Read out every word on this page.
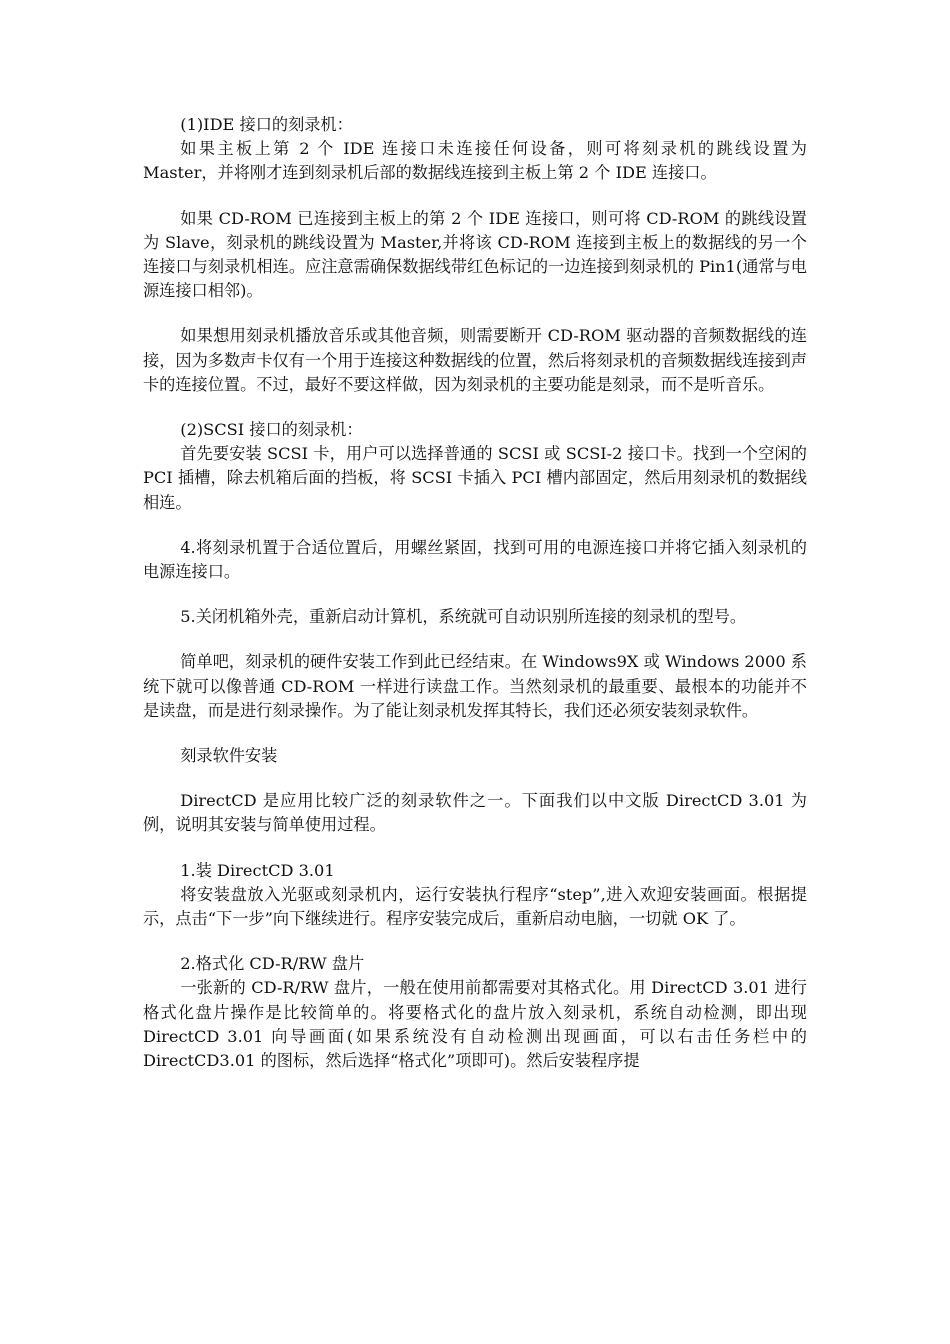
(1)IDE 接口的刻录机：

如果主板上第 2 个 IDE 连接口未连接任何设备，则可将刻录机的跳线设置为 Master，并将刚才连到刻录机后部的数据线连接到主板上第 2 个 IDE 连接口。

如果 CD-ROM 已连接到主板上的第 2 个 IDE 连接口，则可将 CD-ROM 的跳线设置为 Slave，刻录机的跳线设置为 Master,并将该 CD-ROM 连接到主板上的数据线的另一个连接口与刻录机相连。应注意需确保数据线带红色标记的一边连接到刻录机的 Pin1(通常与电源连接口相邻)。

如果想用刻录机播放音乐或其他音频，则需要断开 CD-ROM 驱动器的音频数据线的连接，因为多数声卡仅有一个用于连接这种数据线的位置，然后将刻录机的音频数据线连接到声卡的连接位置。不过，最好不要这样做，因为刻录机的主要功能是刻录，而不是听音乐。

(2)SCSI 接口的刻录机：

首先要安装 SCSI 卡，用户可以选择普通的 SCSI 或 SCSI-2 接口卡。找到一个空闲的 PCI 插槽，除去机箱后面的挡板，将 SCSI 卡插入 PCI 槽内部固定，然后用刻录机的数据线相连。

4.将刻录机置于合适位置后，用螺丝紧固，找到可用的电源连接口并将它插入刻录机的电源连接口。

5.关闭机箱外壳，重新启动计算机，系统就可自动识别所连接的刻录机的型号。

简单吧，刻录机的硬件安装工作到此已经结束。在 Windows9X 或 Windows 2000 系统下就可以像普通 CD-ROM 一样进行读盘工作。当然刻录机的最重要、最根本的功能并不是读盘，而是进行刻录操作。为了能让刻录机发挥其特长，我们还必须安装刻录软件。

刻录软件安装

DirectCD 是应用比较广泛的刻录软件之一。下面我们以中文版 DirectCD 3.01 为例，说明其安装与简单使用过程。

1.装 DirectCD 3.01

将安装盘放入光驱或刻录机内，运行安装执行程序“step”,进入欢迎安装画面。根据提示，点击“下一步”向下继续进行。程序安装完成后，重新启动电脑，一切就 OK 了。

2.格式化 CD-R/RW 盘片

一张新的 CD-R/RW 盘片，一般在使用前都需要对其格式化。用 DirectCD 3.01 进行格式化盘片操作是比较简单的。将要格式化的盘片放入刻录机，系统自动检测，即出现 DirectCD 3.01 向导画面(如果系统没有自动检测出现画面，可以右击任务栏中的 DirectCD3.01 的图标，然后选择“格式化”项即可)。然后安装程序提
